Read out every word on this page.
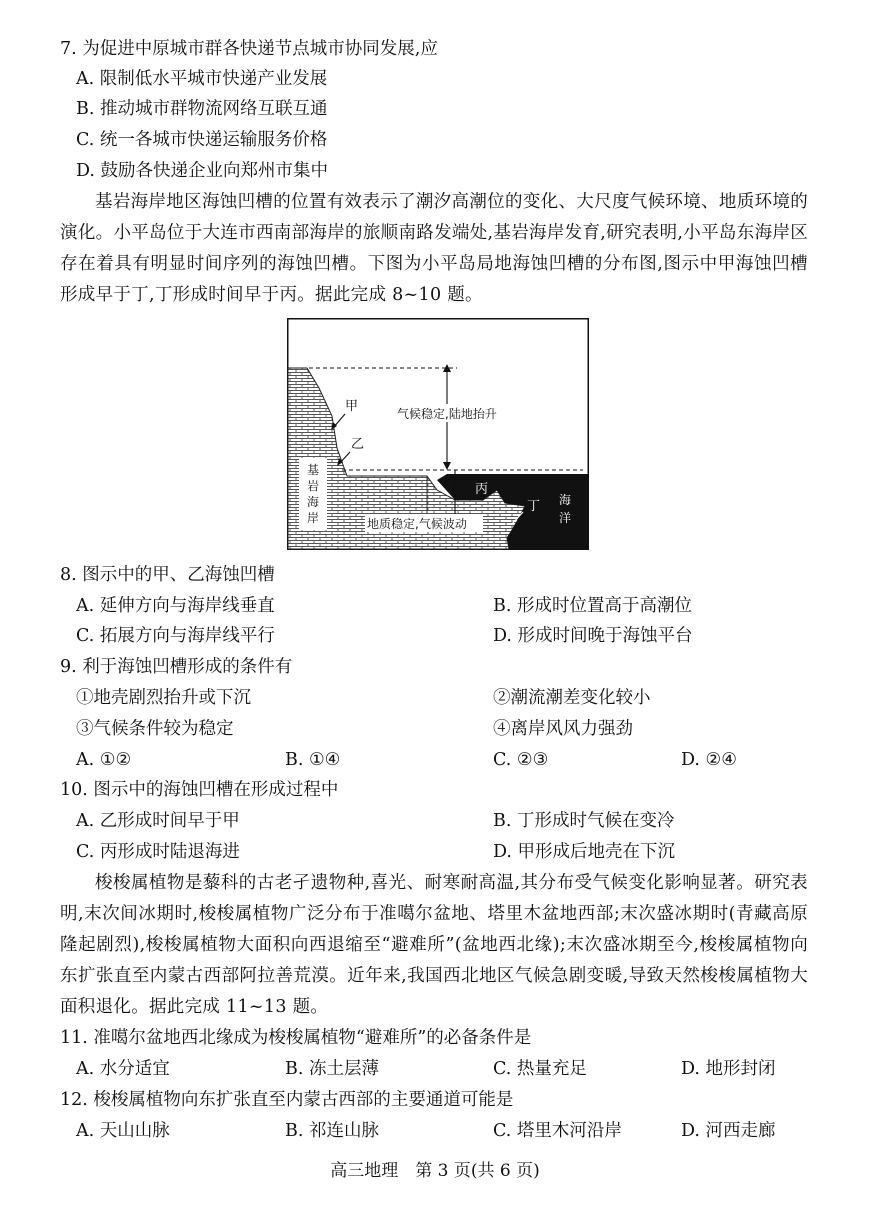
7. 为促进中原城市群各快递节点城市协同发展,应
A. 限制低水平城市快递产业发展
B. 推动城市群物流网络互联互通
C. 统一各城市快递运输服务价格
D. 鼓励各快递企业向郑州市集中
基岩海岸地区海蚀凹槽的位置有效表示了潮汐高潮位的变化、大尺度气候环境、地质环境的演化。小平岛位于大连市西南部海岸的旅顺南路发端处,基岩海岸发育,研究表明,小平岛东海岸区存在着具有明显时间序列的海蚀凹槽。下图为小平岛局地海蚀凹槽的分布图,图示中甲海蚀凹槽形成早于丁,丁形成时间早于丙。据此完成 8~10 题。
基
岩
海
岸
甲
乙
气候稳定,陆地抬升
丙
丁 海
洋
地质稳定,气候波动
8. 图示中的甲、乙海蚀凹槽
A. 延伸方向与海岸线垂直	B. 形成时位置高于高潮位
C. 拓展方向与海岸线平行	D. 形成时间晚于海蚀平台
9. 利于海蚀凹槽形成的条件有
①地壳剧烈抬升或下沉	②潮流潮差变化较小
③气候条件较为稳定	④离岸风风力强劲
A. ①②	B. ①④	C. ②③	D. ②④
10. 图示中的海蚀凹槽在形成过程中
A. 乙形成时间早于甲	B. 丁形成时气候在变冷
C. 丙形成时陆退海进	D. 甲形成后地壳在下沉
梭梭属植物是藜科的古老孑遗物种,喜光、耐寒耐高温,其分布受气候变化影响显著。研究表明,末次间冰期时,梭梭属植物广泛分布于准噶尔盆地、塔里木盆地西部;末次盛冰期时(青藏高原隆起剧烈),梭梭属植物大面积向西退缩至“避难所”(盆地西北缘);末次盛冰期至今,梭梭属植物向东扩张直至内蒙古西部阿拉善荒漠。近年来,我国西北地区气候急剧变暖,导致天然梭梭属植物大面积退化。据此完成 11~13 题。
11. 准噶尔盆地西北缘成为梭梭属植物“避难所”的必备条件是
A. 水分适宜	B. 冻土层薄	C. 热量充足	D. 地形封闭
12. 梭梭属植物向东扩张直至内蒙古西部的主要通道可能是
A. 天山山脉	B. 祁连山脉	C. 塔里木河沿岸	D. 河西走廊
高三地理　第 3 页(共 6 页)
